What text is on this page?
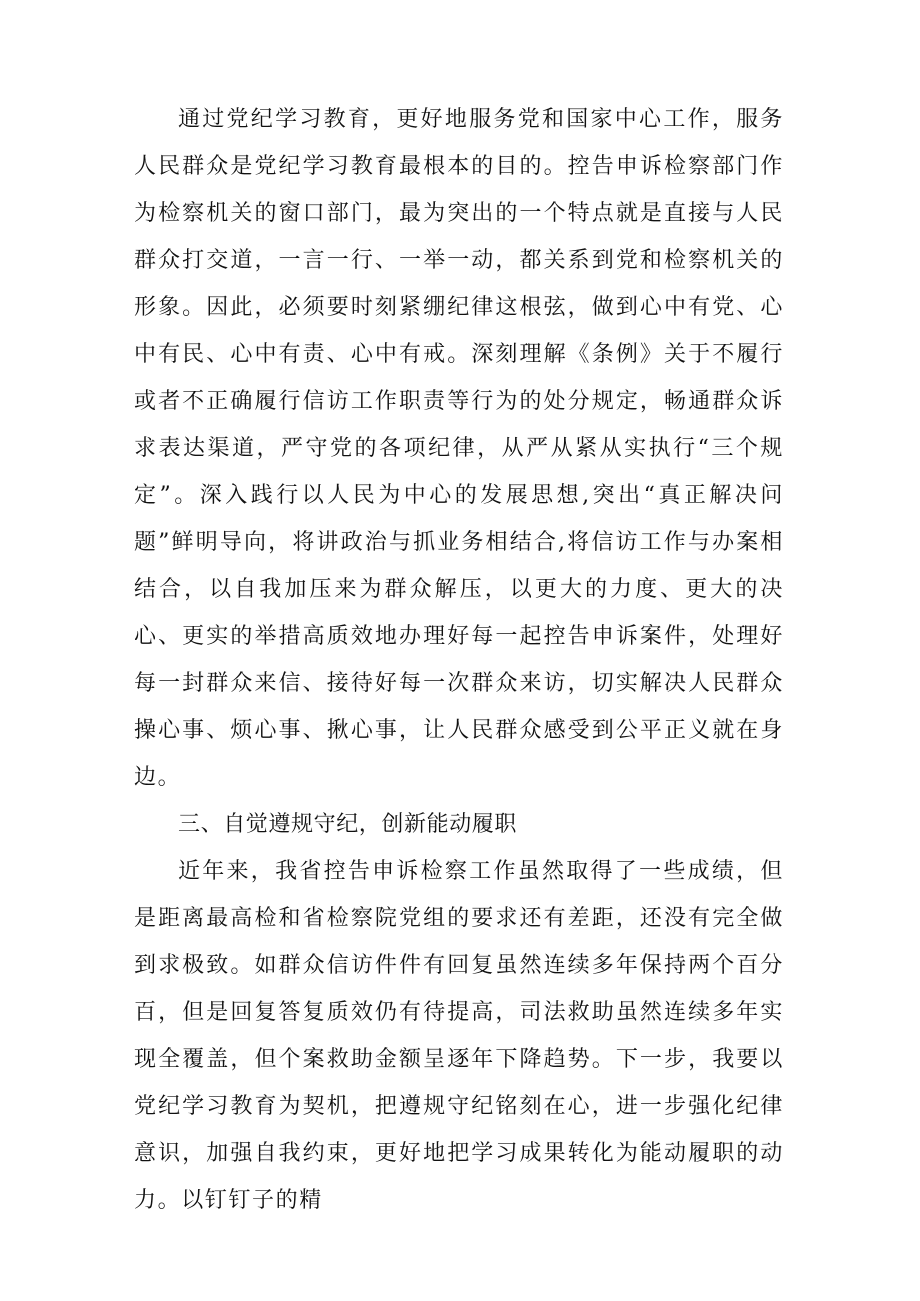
通过党纪学习教育，更好地服务党和国家中心工作，服务人民群众是党纪学习教育最根本的目的。控告申诉检察部门作为检察机关的窗口部门，最为突出的一个特点就是直接与人民群众打交道，一言一行、一举一动，都关系到党和检察机关的形象。因此，必须要时刻紧绷纪律这根弦，做到心中有党、心中有民、心中有责、心中有戒。深刻理解《条例》关于不履行或者不正确履行信访工作职责等行为的处分规定，畅通群众诉求表达渠道，严守党的各项纪律，从严从紧从实执行“三个规定”。深入践行以人民为中心的发展思想,突出“真正解决问题”鲜明导向，将讲政治与抓业务相结合,将信访工作与办案相结合，以自我加压来为群众解压，以更大的力度、更大的决心、更实的举措高质效地办理好每一起控告申诉案件，处理好每一封群众来信、接待好每一次群众来访，切实解决人民群众操心事、烦心事、揪心事，让人民群众感受到公平正义就在身边。

三、自觉遵规守纪，创新能动履职

近年来，我省控告申诉检察工作虽然取得了一些成绩，但是距离最高检和省检察院党组的要求还有差距，还没有完全做到求极致。如群众信访件件有回复虽然连续多年保持两个百分百，但是回复答复质效仍有待提高，司法救助虽然连续多年实现全覆盖，但个案救助金额呈逐年下降趋势。下一步，我要以党纪学习教育为契机，把遵规守纪铭刻在心，进一步强化纪律意识，加强自我约束，更好地把学习成果转化为能动履职的动力。以钉钉子的精
